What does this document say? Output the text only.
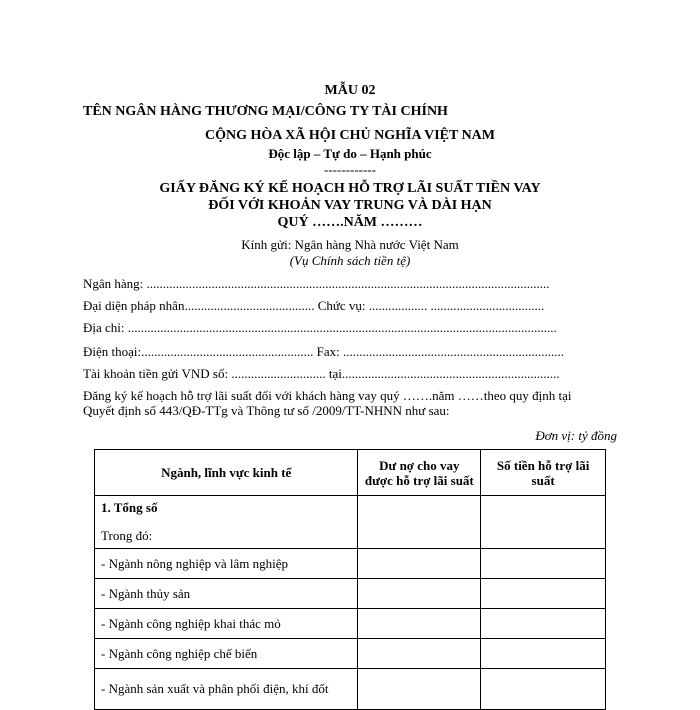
MẪU 02
TÊN NGÂN HÀNG THƯƠNG MẠI/CÔNG TY TÀI CHÍNH
CỘNG HÒA XÃ HỘI CHỦ NGHĨA VIỆT NAM
Độc lập – Tự do – Hạnh phúc
------------
GIẤY ĐĂNG KÝ KẾ HOẠCH HỖ TRỢ LÃI SUẤT TIỀN VAY
ĐỐI VỚI KHOẢN VAY TRUNG VÀ DÀI HẠN
QUÝ …….NĂM ………
Kính gửi: Ngân hàng Nhà nước Việt Nam
(Vụ Chính sách tiền tệ)
Ngân hàng: ............................................................................................................................
Đại diện pháp nhân........................................ Chức vụ: .................. ...................................
Địa chỉ: ....................................................................................................................................
Điện thoại:..................................................... Fax: ....................................................................
Tài khoản tiền gửi VND số: ............................. tại...................................................................
Đăng ký kế hoạch hỗ trợ lãi suất đối với khách hàng vay quý …….năm ……theo quy định tại
Quyết định số 443/QĐ-TTg và Thông tư số /2009/TT-NHNN như sau:
Đơn vị: tỷ đồng
Ngành, lĩnh vực kinh tế	Dư nợ cho vay được hỗ trợ lãi suất	Số tiền hỗ trợ lãi suất

1. Tổng số
Trong đó:		
- Ngành nông nghiệp và lâm nghiệp		
- Ngành thủy sản		
- Ngành công nghiệp khai thác mỏ		
- Ngành công nghiệp chế biến		
- Ngành sản xuất và phân phối điện, khí đốt		
